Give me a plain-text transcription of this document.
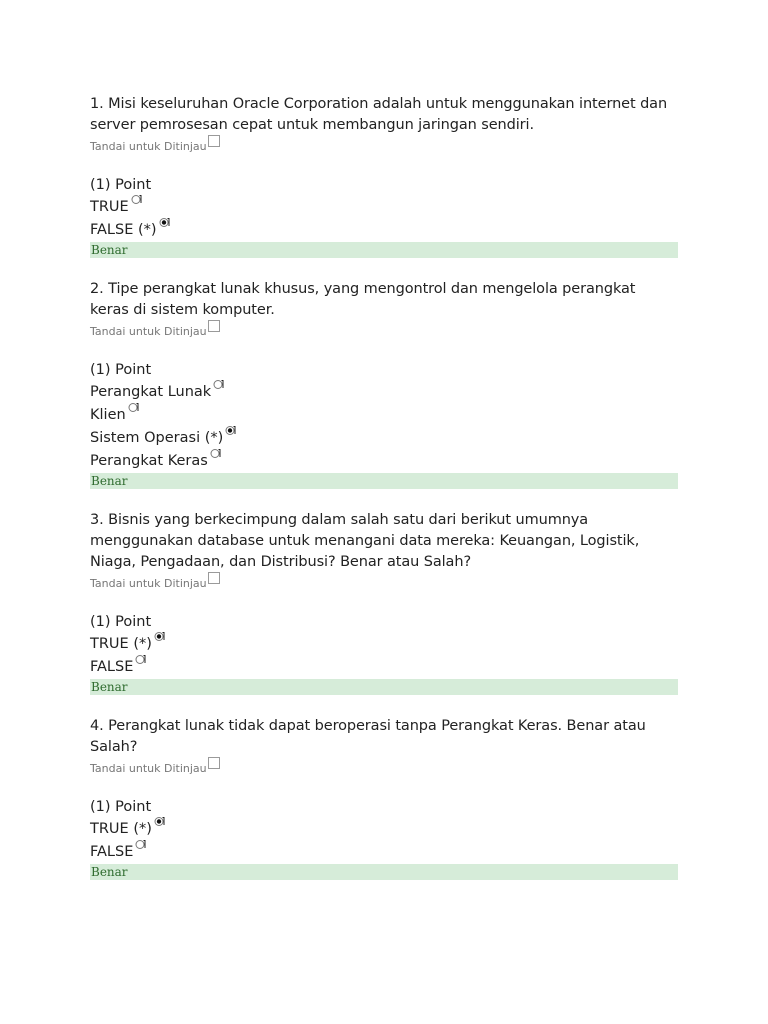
1. Misi keseluruhan Oracle Corporation adalah untuk menggunakan internet dan server pemrosesan cepat untuk membangun jaringan sendiri.

Tandai untuk Ditinjau
(1) Point
TRUE
FALSE (*)
Benar

2. Tipe perangkat lunak khusus, yang mengontrol dan mengelola perangkat keras di sistem komputer.

Tandai untuk Ditinjau
(1) Point
Perangkat Lunak
Klien
Sistem Operasi (*)
Perangkat Keras
Benar

3. Bisnis yang berkecimpung dalam salah satu dari berikut umumnya menggunakan database untuk menangani data mereka: Keuangan, Logistik, Niaga, Pengadaan, dan Distribusi? Benar atau Salah?

Tandai untuk Ditinjau
(1) Point
TRUE (*)
FALSE
Benar

4. Perangkat lunak tidak dapat beroperasi tanpa Perangkat Keras. Benar atau Salah?

Tandai untuk Ditinjau
(1) Point
TRUE (*)
FALSE
Benar
